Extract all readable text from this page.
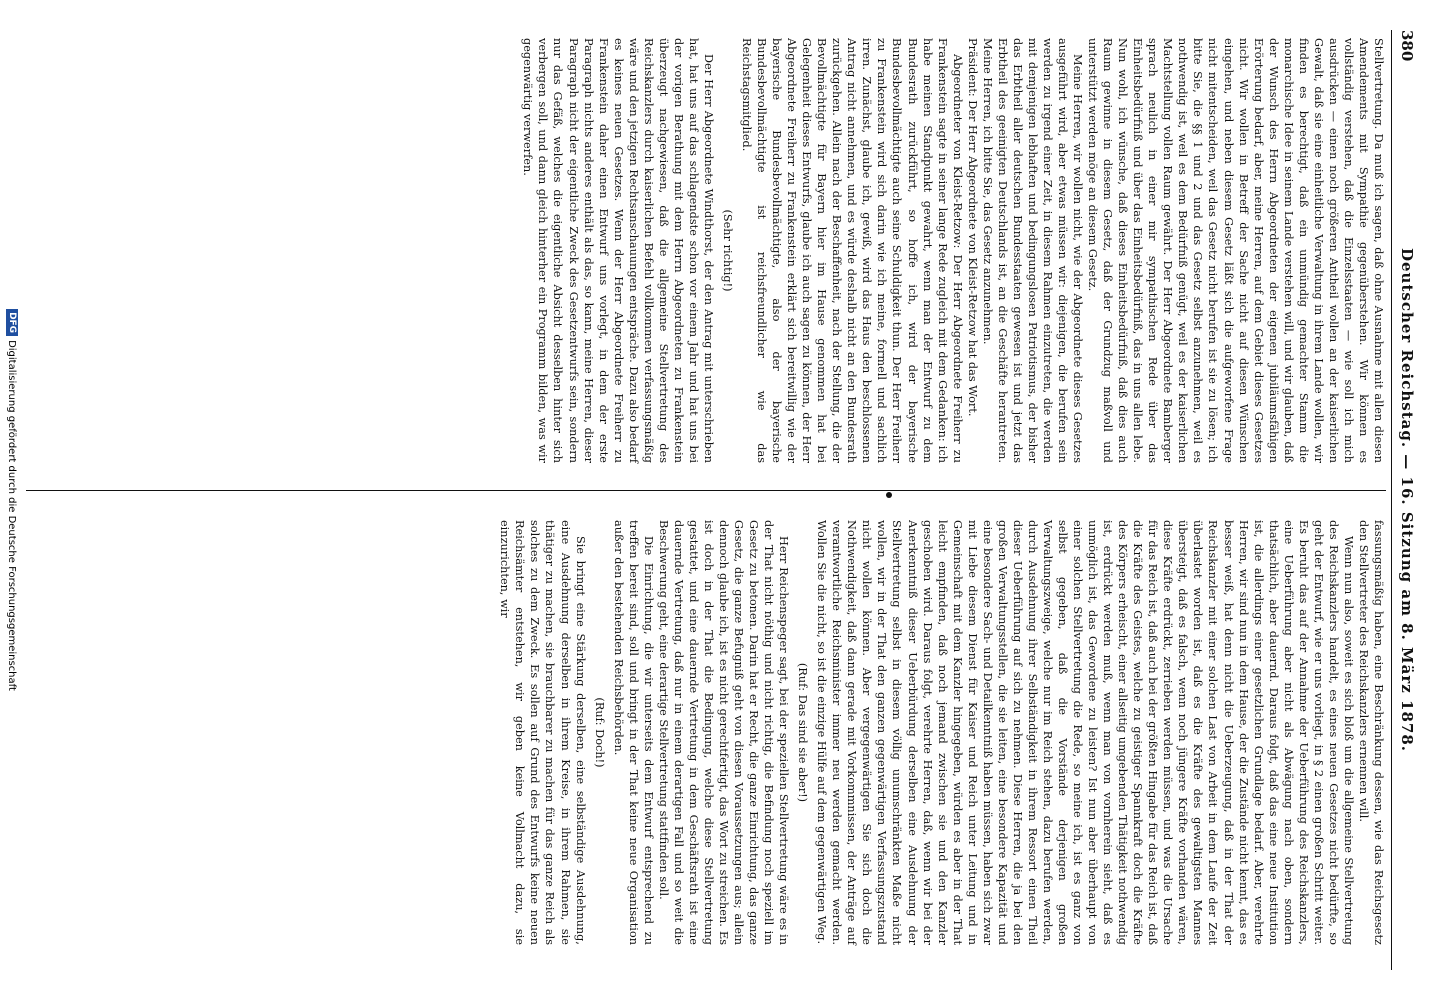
380
Deutscher Reichstag. — 16. Sitzung am 8. März 1878.

Stellvertretung. Da muß ich sagen, daß ohne Ausnahme mit allen diesen Amendements mit Sympathie gegenüberstehen. Wir können es vollständig verstehen, daß die Einzelsstaaten — wie soll ich mich ausdrücken — einen noch größeren Antheil wollen an der kaiserlichen Gewalt, daß sie eine einheitliche Verwaltung in ihrem Lande wollen, wir finden es berechtigt, daß ein unmündig gemachter Stamm die monarchische Idee in seinem Lande verstehen will, und wir glauben, daß der Wunsch des Herrn Abgeordneten der eigenen jubiläumsfähigen Erörterung bedarf, aber, meine Herren, auf dem Gebiet dieses Gesetzes nicht. Wir wollen in Betreff der Sache nicht auf diesen Wünschen eingehen, und neben diesem Gesetz läßt sich die aufgeworfene Frage nicht mitentscheiden, weil das Gesetz nicht berufen ist sie zu lösen; ich bitte Sie, die §§ 1 und 2 und das Gesetz selbst anzunehmen, weil es nothwendig ist, weil es dem Bedürfniß genügt, weil es der kaiserlichen Machtstellung vollen Raum gewährt. Der Herr Abgeordnete Bamberger sprach neulich in einer mir sympathischen Rede über das Einheitsbedürfniß und über das Einheitsbedürfniß, das in uns allen lebe. Nun wohl, ich wünsche, daß dieses Einheitsbedürfniß, daß dies auch Raum gewinne in diesem Gesetz, daß der Grundzug maßvoll und unterstützt werden möge an diesem Gesetz.

Meine Herren, wir wollen nicht, wie der Abgeordnete dieses Gesetzes ausgeführt wird, aber etwas müssen wir: diejenigen, die berufen sein werden zu irgend einer Zeit, in diesem Rahmen einzutreten, die werden mit demjenigen lebhaften und bedingungslosen Patriotismus, der bisher das Erbtheil aller deutschen Bundesstaaten gewesen ist und jetzt das Erbtheil des geeinigten Deutschlands ist, an die Geschäfte herantreten. Meine Herren, ich bitte Sie, das Gesetz anzunehmen.

Präsident: Der Herr Abgeordnete von Kleist-Retzow hat das Wort.

Abgeordneter von Kleist-Retzow: Der Herr Abgeordnete Freiherr zu Frankenstein sagte in seiner lange Rede zugleich mit dem Gedanken: ich habe meinen Standpunkt gewahrt, wenn man der Entwurf zu dem Bundesrath zurückführt, so hoffe ich, wird der bayerische Bundesbevollmächtigte auch seine Schuldigkeit thun. Der Herr Freiherr zu Frankenstein wird sich darin wie ich meine, formell und sachlich irren. Zunächst, glaube ich, gewiß, wird das Haus den beschlossenen Antrag nicht annehmen, und es würde deshalb nicht an den Bundesrath zurückgehen. Allein nach der Beschaffenheit, nach der Stellung, die der Bevollmächtigte für Bayern hier im Hause genommen hat bei Gelegenheit dieses Entwurfs, glaube ich auch sagen zu können, der Herr Abgeordnete Freiherr zu Frankenstein erklärt sich bereitwillig wie der bayerische Bundesbevollmächtigte, also der bayerische Bundesbevollmächtigte ist reichsfreundlicher wie das Reichstagsmitglied.

(Sehr richtig!)

Der Herr Abgeordnete Windthorst, der den Antrag mit unterschrieben hat, hat uns auf das schlagendste schon vor einem Jahr und hat uns bei der vorigen Berathung mit dem Herrn Abgeordneten zu Frankenstein überzeugt nachgewiesen, daß die allgemeine Stellvertretung des Reichskanzlers durch kaiserlichen Befehl vollkommen verfassungsmäßig wäre und den jetzigen Rechtsanschauungen entspräche. Dazu also bedarf es keines neuen Gesetzes. Wenn der Herr Abgeordnete Freiherr zu Frankenstein daher einen Entwurf uns vorlegt, in dem der erste Paragraph nichts anderes enthält als das, so kann, meine Herren, dieser Paragraph nicht der eigentliche Zweck des Gesetzentwurfs sein, sondern nur das Gefäß, welches die eigentliche Absicht desselben hinter sich verbergen soll, und dann gleich hinterher ein Programm bilden, was wir gegenwärtig verwerfen.

fassungsmäßig haben, eine Beschränkung dessen, wie das Reichsgesetz den Stellvertreter des Reichskanzlers ernennen will.

Wenn nun also, soweit es sich bloß um die allgemeine Stellvertretung des Reichskanzlers handelt, es eines neuen Gesetzes nicht bedürfte, so geht der Entwurf, wie er uns vorliegt, in § 2 einen großen Schritt weiter. Es beruht das auf der Annahme der Ueberführung des Reichskanzlers, eine Ueberführung aber nicht als Abwägung nach oben, sondern thatsächlich, aber dauernd. Daraus folgt, daß das eine neue Institution ist, die allerdings einer gesetzlichen Grundlage bedarf. Aber, verehrte Herren, wir sind nun in dem Hause, der die Zustände nicht kennt, das es besser weiß, hat denn nicht die Ueberzeugung, daß in der That der Reichskanzler mit einer solchen Last von Arbeit in dem Laufe der Zeit überlastet worden ist, daß es die Kräfte des gewaltigsten Mannes übersteigt, daß es falsch, wenn noch jüngere Kräfte vorhanden wären, diese Kräfte erdrückt, zerrieben werden müssen, und was die Ursache für das Reich ist, daß auch bei der größten Hingabe für das Reich ist, daß die Kräfte des Geistes, welche zu geistiger Spannkraft doch die Kräfte des Körpers erheischt, einer allseitig umgebenden Thätigkeit nothwendig ist, erdrückt werden muß, wenn man von vornherein sieht, daß es unmöglich ist, das Gewordene zu leisten? Ist nun aber überhaupt von einer solchen Stellvertretung die Rede, so meine ich, ist es ganz von selbst gegeben, daß die Vorstände derjenigen großen Verwaltungszweige, welche nur im Reich stehen, dazu berufen werden, durch Ausdehnung ihrer Selbständigkeit in ihrem Ressort einen Theil dieser Ueberführung auf sich zu nehmen. Diese Herren, die ja bei den großen Verwaltungsstellen, die sie leiten, eine besondere Kapazität und eine besondere Sach- und Detailkenntniß haben müssen, haben sich zwar mit Liebe diesem Dienst für Kaiser und Reich unter Leitung und in Gemeinschaft mit dem Kanzler hingegeben, würden es aber in der That leicht empfinden, daß noch jemand zwischen sie und den Kanzler geschoben wird. Daraus folgt, verehrte Herren, daß, wenn wir bei der Anerkenntniß dieser Ueberbürdung derselben eine Ausdehnung der Stellvertretung selbst in diesem völlig unumschränkten Maße nicht wollen, wir in der That den ganzen gegenwärtigen Verfassungszustand nicht wollen können. Aber vergegenwärtigen Sie sich doch die Nothwendigkeit, daß dann gerade mit Vorkommnissen, der Anträge auf verantwortliche Reichsminister immer neu werden gemacht werden. Wollen Sie die nicht, so ist die einzige Hülfe auf dem gegenwärtigen Weg.

(Ruf: Das sind sie aber!)

Herr Reichenspeger sagt, bei der speziellen Stellvertretung wäre es in der That nicht nöthig und nicht richtig, die Befindung noch speziell im Gesetz zu betonen. Darin hat er Recht, die ganze Einrichtung, das ganze Gesetz, die ganze Befugniß geht von diesen Voraussetzungen aus; allein dennoch glaube ich, ist es nicht gerechtfertigt, das Wort zu streichen. Es ist doch in der That die Bedingung, welche diese Stellvertretung gestattet, und eine dauernde Vertretung in dem Geschäftsrath ist eine dauernde Vertretung, daß nur in einem derartigen Fall und so weit die Beschwerung geht, eine derartige Stellvertretung stattfinden soll.

Die Einrichtung, die wir unterseits dem Entwurf entsprechend zu treffen bereit sind, soll und bringt in der That keine neue Organisation außer den bestehenden Reichsbehörden.

(Ruf: Doch!)

Sie bringt eine Stärkung derselben, eine selbständige Ausdehnung, eine Ausdehnung derselben in ihrem Kreise, in ihrem Rahmen, sie thätiger zu machen, sie brauchbarer zu machen für das ganze Reich als solches zu dem Zweck. Es sollen auf Grund des Entwurfs keine neuen Reichsämter entstehen, wir geben keine Vollmacht dazu, sie einzurichten, wir

DFGDigitalisierung gefördert durch die Deutsche Forschungsgemeinschaft
